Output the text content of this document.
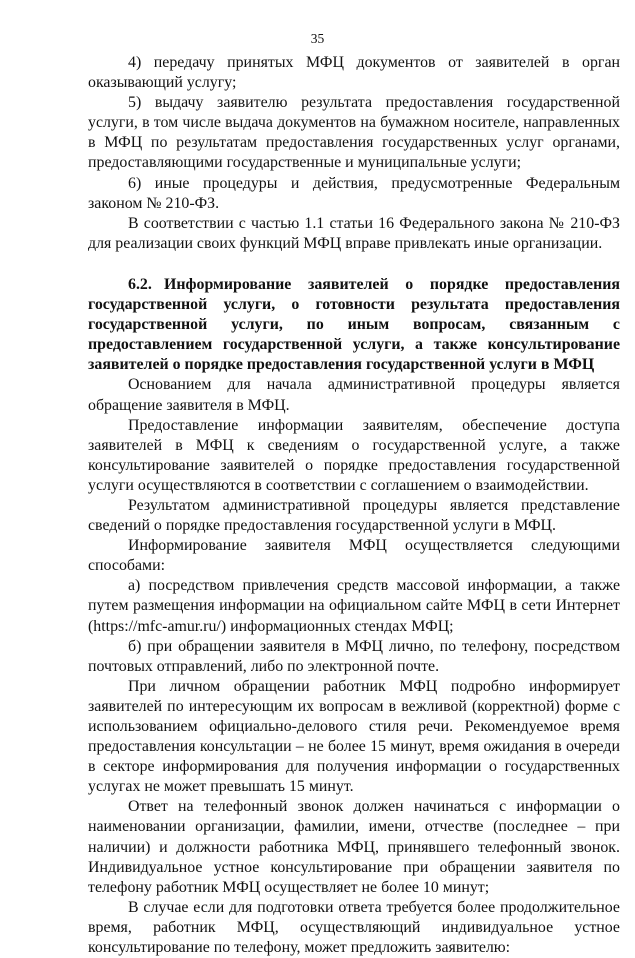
35

4) передачу принятых МФЦ документов от заявителей в орган оказывающий услугу;

5) выдачу заявителю результата предоставления государственной услуги, в том числе выдача документов на бумажном носителе, направленных в МФЦ по результатам предоставления государственных услуг органами, предоставляющими государственные и муниципальные услуги;

6) иные процедуры и действия, предусмотренные Федеральным законом № 210-ФЗ.

В соответствии с частью 1.1 статьи 16 Федерального закона № 210-ФЗ для реализации своих функций МФЦ вправе привлекать иные организации.

6.2. Информирование заявителей о порядке предоставления государственной услуги, о готовности результата предоставления государственной услуги, по иным вопросам, связанным с предоставлением государственной услуги, а также консультирование заявителей о порядке предоставления государственной услуги в МФЦ

Основанием для начала административной процедуры является обращение заявителя в МФЦ.

Предоставление информации заявителям, обеспечение доступа заявителей в МФЦ к сведениям о государственной услуге, а также консультирование заявителей о порядке предоставления государственной услуги осуществляются в соответствии с соглашением о взаимодействии.

Результатом административной процедуры является представление сведений о порядке предоставления государственной услуги в МФЦ.

Информирование заявителя МФЦ осуществляется следующими способами:

а) посредством привлечения средств массовой информации, а также путем размещения информации на официальном сайте МФЦ в сети Интернет (https://mfc-amur.ru/) информационных стендах МФЦ;

б) при обращении заявителя в МФЦ лично, по телефону, посредством почтовых отправлений, либо по электронной почте.

При личном обращении работник МФЦ подробно информирует заявителей по интересующим их вопросам в вежливой (корректной) форме с использованием официально-делового стиля речи. Рекомендуемое время предоставления консультации – не более 15 минут, время ожидания в очереди в секторе информирования для получения информации о государственных услугах не может превышать 15 минут.

Ответ на телефонный звонок должен начинаться с информации о наименовании организации, фамилии, имени, отчестве (последнее – при наличии) и должности работника МФЦ, принявшего телефонный звонок. Индивидуальное устное консультирование при обращении заявителя по телефону работник МФЦ осуществляет не более 10 минут;

В случае если для подготовки ответа требуется более продолжительное время, работник МФЦ, осуществляющий индивидуальное устное консультирование по телефону, может предложить заявителю:
